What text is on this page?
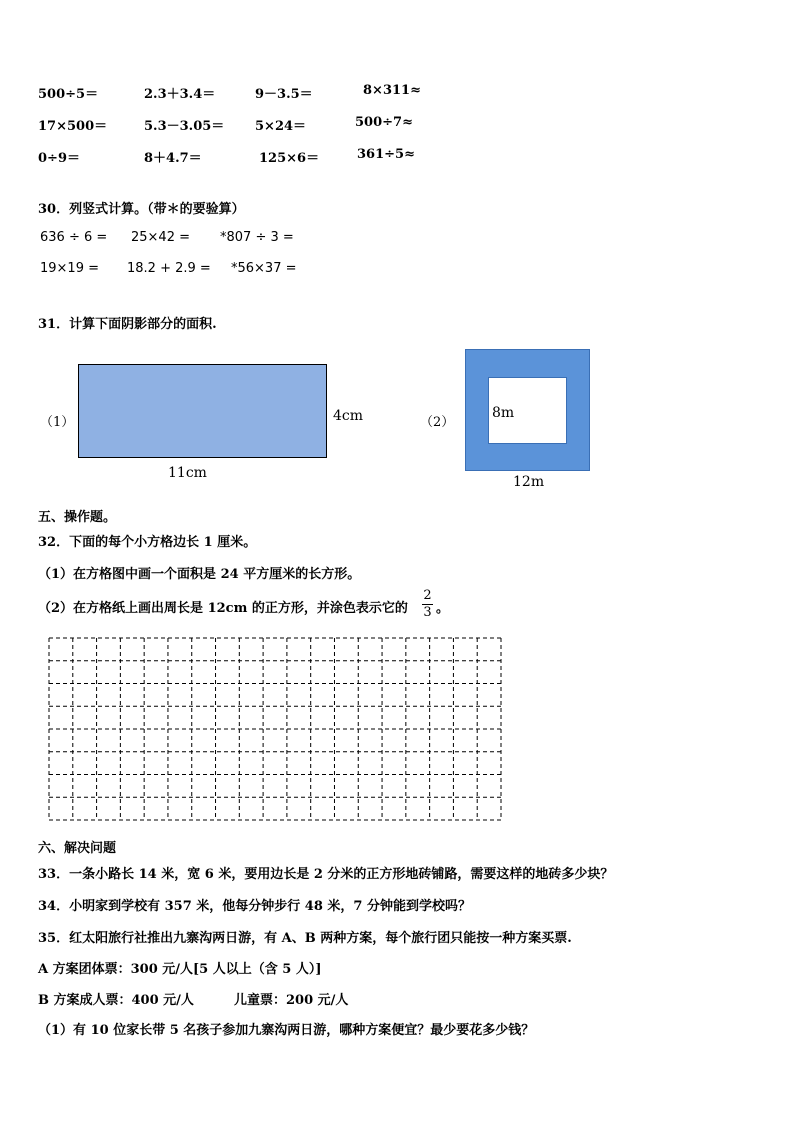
500÷5＝	2.3＋3.4＝	9－3.5＝	8×311≈
17×500＝	5.3－3.05＝ 5×24＝	500÷7≈
0÷9＝	8＋4.7＝	125×6＝	361÷5≈
30．列竖式计算。（带＊的要验算）
636 ÷ 6 = 25×42 = *807 ÷ 3 =
19×19 = 18.2 + 2.9 = *56×37 =
31．计算下面阴影部分的面积.
（1）	4cm
11cm
（2）
8m
12m
五、操作题。
32．下面的每个小方格边长 1 厘米。
（1）在方格图中画一个面积是 24 平方厘米的长方形。
（2）在方格纸上画出周长是 12cm 的正方形，并涂色表示它的
2
3 。
六、解决问题
33．一条小路长 14 米，宽 6 米，要用边长是 2 分米的正方形地砖铺路，需要这样的地砖多少块？
34．小明家到学校有 357 米，他每分钟步行 48 米，7 分钟能到学校吗？
35．红太阳旅行社推出九寨沟两日游，有 A、B 两种方案，每个旅行团只能按一种方案买票.
A 方案团体票：300 元/人[5 人以上（含 5 人）]
B 方案成人票：400 元/人	儿童票：200 元/人
（1）有 10 位家长带 5 名孩子参加九寨沟两日游，哪种方案便宜？最少要花多少钱？
